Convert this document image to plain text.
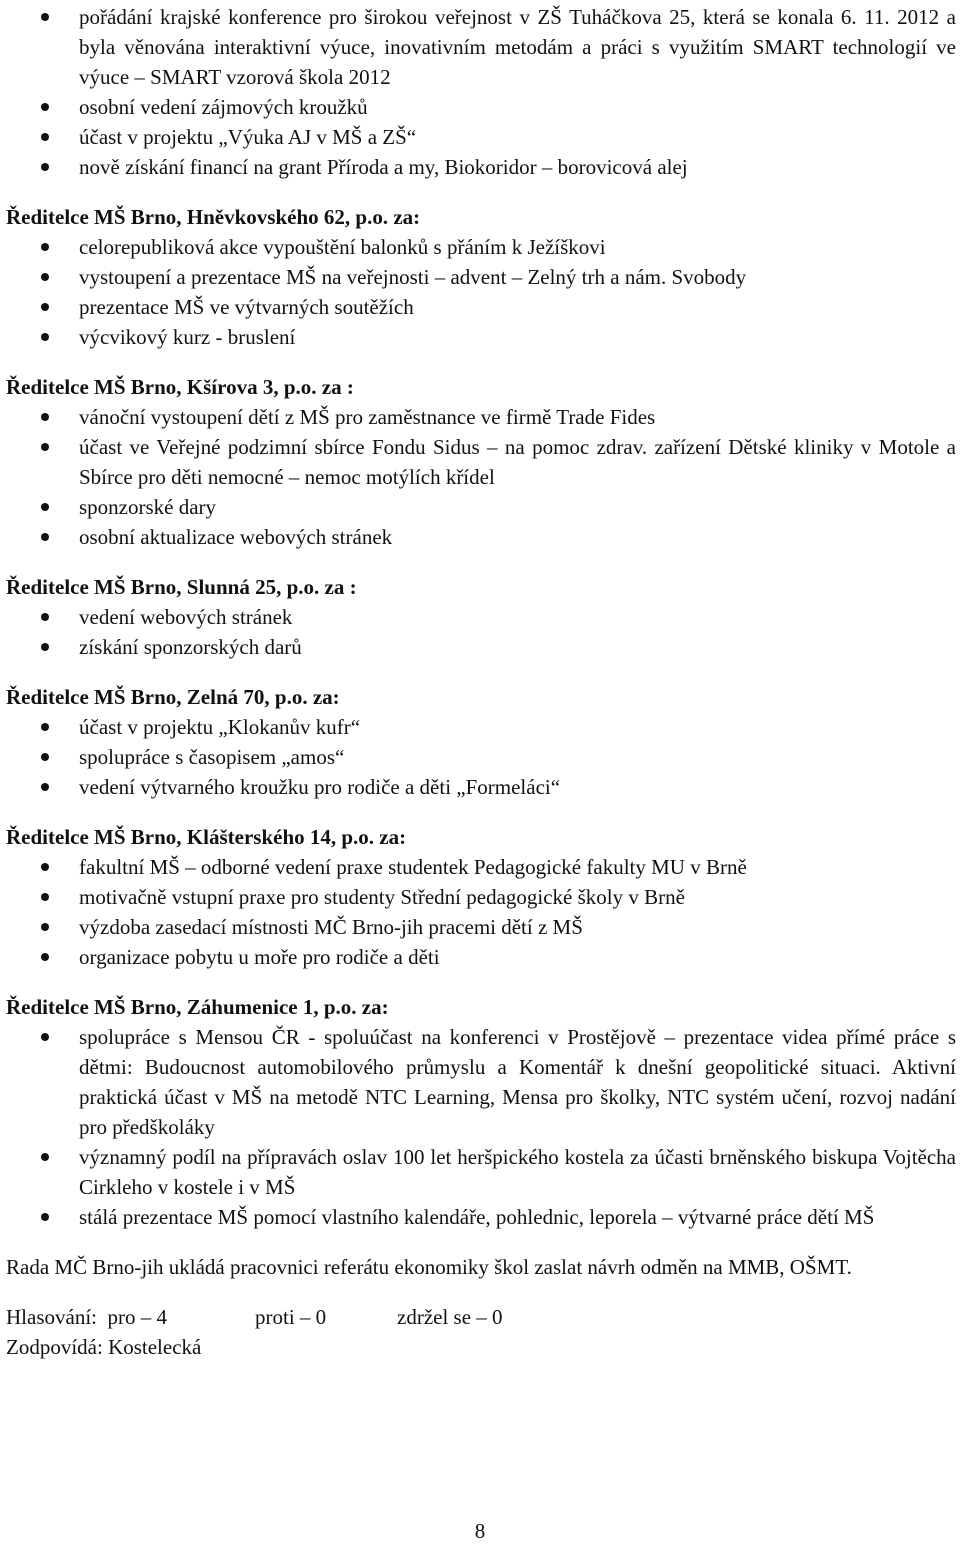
pořádání krajské konference pro širokou veřejnost v ZŠ Tuháčkova 25, která se konala 6. 11. 2012 a byla věnována interaktivní výuce, inovativním metodám a práci s využitím SMART technologií ve výuce – SMART vzorová škola 2012
osobní vedení zájmových kroužků
účast v projektu „Výuka AJ v MŠ a ZŠ“
nově získání financí na grant Příroda a my, Biokoridor – borovicová alej
Ředitelce MŠ Brno, Hněvkovského 62, p.o. za:
celorepubliková akce vypouštění balonků s přáním k Ježíškovi
vystoupení a prezentace MŠ na veřejnosti – advent – Zelný trh a nám. Svobody
prezentace MŠ ve výtvarných soutěžích
výcvikový kurz - bruslení
Ředitelce MŠ Brno, Kšírova 3, p.o. za :
vánoční vystoupení dětí z MŠ pro zaměstnance ve firmě Trade Fides
účast ve Veřejné podzimní sbírce Fondu Sidus – na pomoc zdrav. zařízení Dětské kliniky v Motole a Sbírce pro děti nemocné – nemoc motýlích křídel
sponzorské dary
osobní aktualizace webových stránek
Ředitelce MŠ Brno, Slunná 25, p.o. za :
vedení webových stránek
získání sponzorských darů
Ředitelce MŠ Brno, Zelná 70, p.o. za:
účast v projektu „Klokanův kufr“
spolupráce s časopisem „amos“
vedení výtvarného kroužku pro rodiče a děti „Formeláci“
Ředitelce MŠ Brno, Klášterského 14, p.o. za:
fakultní MŠ – odborné vedení praxe studentek Pedagogické fakulty MU v Brně
motivačně vstupní praxe pro studenty Střední pedagogické školy v Brně
výzdoba zasedací místnosti MČ Brno-jih pracemi dětí z MŠ
organizace pobytu u moře pro rodiče a děti
Ředitelce MŠ Brno, Záhumenice 1, p.o. za:
spolupráce s Mensou ČR - spoluúčast na konferenci v Prostějově – prezentace videa přímé práce s dětmi: Budoucnost automobilového průmyslu a Komentář k dnešní geopolitické situaci. Aktivní praktická účast v MŠ na metodě NTC Learning, Mensa pro školky, NTC systém učení, rozvoj nadání pro předškoláky
významný podíl na přípravách oslav 100 let heršpického kostela za účasti brněnského biskupa Vojtěcha Cirkleho v kostele i v MŠ
stálá prezentace MŠ pomocí vlastního kalendáře, pohlednic, leporela – výtvarné práce dětí MŠ
Rada MČ Brno-jih ukládá pracovnici referátu ekonomiky škol zaslat návrh odměn na MMB, OŠMT.
Hlasování:  pro – 4	proti – 0	zdržel se – 0
Zodpovídá: Kostelecká
8
